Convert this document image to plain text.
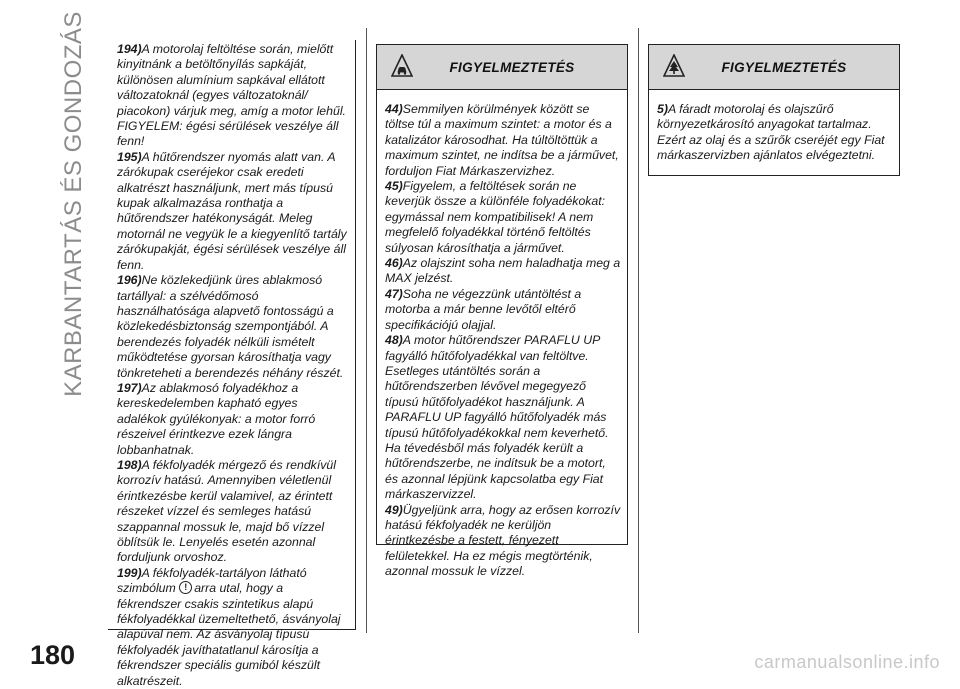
KARBANTARTÁS ÉS GONDOZÁS 194)A motorolaj feltöltése során, mielőtt kinyitnánk a betöltőnyílás sapkáját, különösen alumínium sapkával ellátott változatoknál (egyes változatoknál/ piacokon) várjuk meg, amíg a motor lehűl. FIGYELEM: égési sérülések veszélye áll fenn!

195)A hűtőrendszer nyomás alatt van. A zárókupak cseréjekor csak eredeti alkatrészt használjunk, mert más típusú kupak alkalmazása ronthatja a hűtőrendszer hatékonyságát. Meleg motornál ne vegyük le a kiegyenlítő tartály zárókupakját, égési sérülések veszélye áll fenn.

196)Ne közlekedjünk üres ablakmosó tartállyal: a szélvédőmosó használhatósága alapvető fontosságú a közlekedésbiztonság szempontjából. A berendezés folyadék nélküli ismételt működtetése gyorsan károsíthatja vagy tönkreteheti a berendezés néhány részét.

197)Az ablakmosó folyadékhoz a kereskedelemben kapható egyes adalékok gyúlékonyak: a motor forró részeivel érintkezve ezek lángra lobbanhatnak.

198)A fékfolyadék mérgező és rendkívül korrozív hatású. Amennyiben véletlenül érintkezésbe kerül valamivel, az érintett részeket vízzel és semleges hatású szappannal mossuk le, majd bő vízzel öblítsük le. Lenyelés esetén azonnal forduljunk orvoshoz.

199)A fékfolyadék-tartályon látható szimbólum ! arra utal, hogy a fékrendszer csakis szintetikus alapú fékfolyadékkal üzemeltethető, ásványolaj alapúval nem. Az ásványolaj típusú fékfolyadék javíthatatlanul károsítja a fékrendszer speciális gumiból készült alkatrészeit.

FIGYELMEZTETÉS

44)Semmilyen körülmények között se töltse túl a maximum szintet: a motor és a katalizátor károsodhat. Ha túltöltöttük a maximum szintet, ne indítsa be a járművet, forduljon Fiat Márkaszervizhez.

45)Figyelem, a feltöltések során ne keverjük össze a különféle folyadékokat: egymással nem kompatibilisek! A nem megfelelő folyadékkal történő feltöltés súlyosan károsíthatja a járművet.

46)Az olajszint soha nem haladhatja meg a MAX jelzést.

47)Soha ne végezzünk utántöltést a motorba a már benne levőtől eltérő specifikációjú olajjal.

48)A motor hűtőrendszer PARAFLU UP fagyálló hűtőfolyadékkal van feltöltve. Esetleges utántöltés során a hűtőrendszerben lévővel megegyező típusú hűtőfolyadékot használjunk. A PARAFLU UP fagyálló hűtőfolyadék más típusú hűtőfolyadékokkal nem keverhető. Ha tévedésből más folyadék került a hűtőrendszerbe, ne indítsuk be a motort, és azonnal lépjünk kapcsolatba egy Fiat márkaszervizzel.

49)Ügyeljünk arra, hogy az erősen korrozív hatású fékfolyadék ne kerüljön érintkezésbe a festett, fényezett felületekkel. Ha ez mégis megtörténik, azonnal mossuk le vízzel.

FIGYELMEZTETÉS

5)A fáradt motorolaj és olajszűrő környezetkárosító anyagokat tartalmaz. Ezért az olaj és a szűrők cseréjét egy Fiat márkaszervizben ajánlatos elvégeztetni.

180	carmanualsonline.info
